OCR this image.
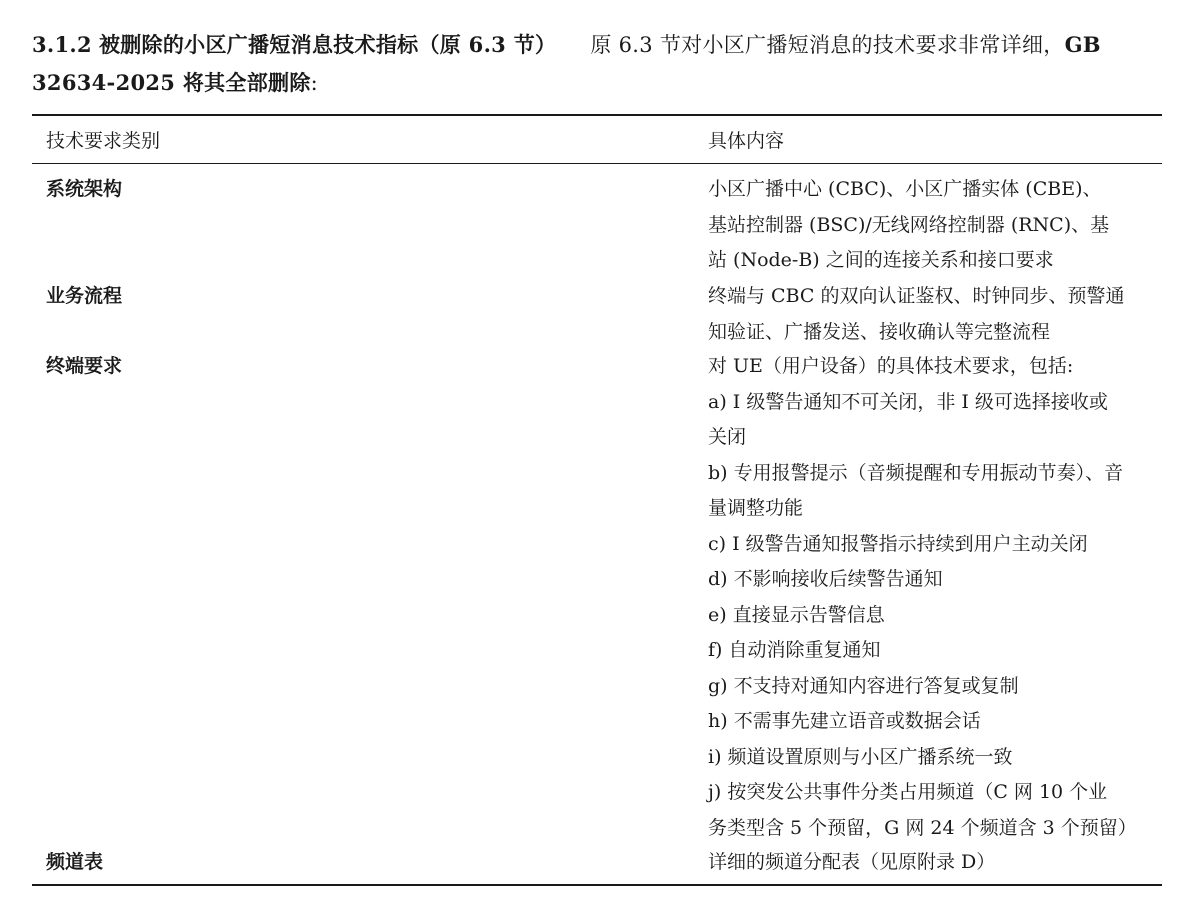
3.1.2 被删除的小区广播短消息技术指标（原 6.3 节） 原 6.3 节对小区广播短消息的技术要求非常详细，GB
32634-2025 将其全部删除:
技术要求类别	具体内容
系统架构	小区广播中心 (CBC)、小区广播实体 (CBE)、
基站控制器 (BSC)/无线网络控制器 (RNC)、基
站 (Node-B) 之间的连接关系和接口要求
业务流程	终端与 CBC 的双向认证鉴权、时钟同步、预警通
知验证、广播发送、接收确认等完整流程
终端要求	对 UE（用户设备）的具体技术要求，包括:
a) I 级警告通知不可关闭，非 I 级可选择接收或
关闭
b) 专用报警提示（音频提醒和专用振动节奏）、音
量调整功能
c) I 级警告通知报警指示持续到用户主动关闭
d) 不影响接收后续警告通知
e) 直接显示告警信息
f) 自动消除重复通知
g) 不支持对通知内容进行答复或复制
h) 不需事先建立语音或数据会话
i) 频道设置原则与小区广播系统一致
j) 按突发公共事件分类占用频道（C 网 10 个业
务类型含 5 个预留，G 网 24 个频道含 3 个预留）
频道表	详细的频道分配表（见原附录 D）
